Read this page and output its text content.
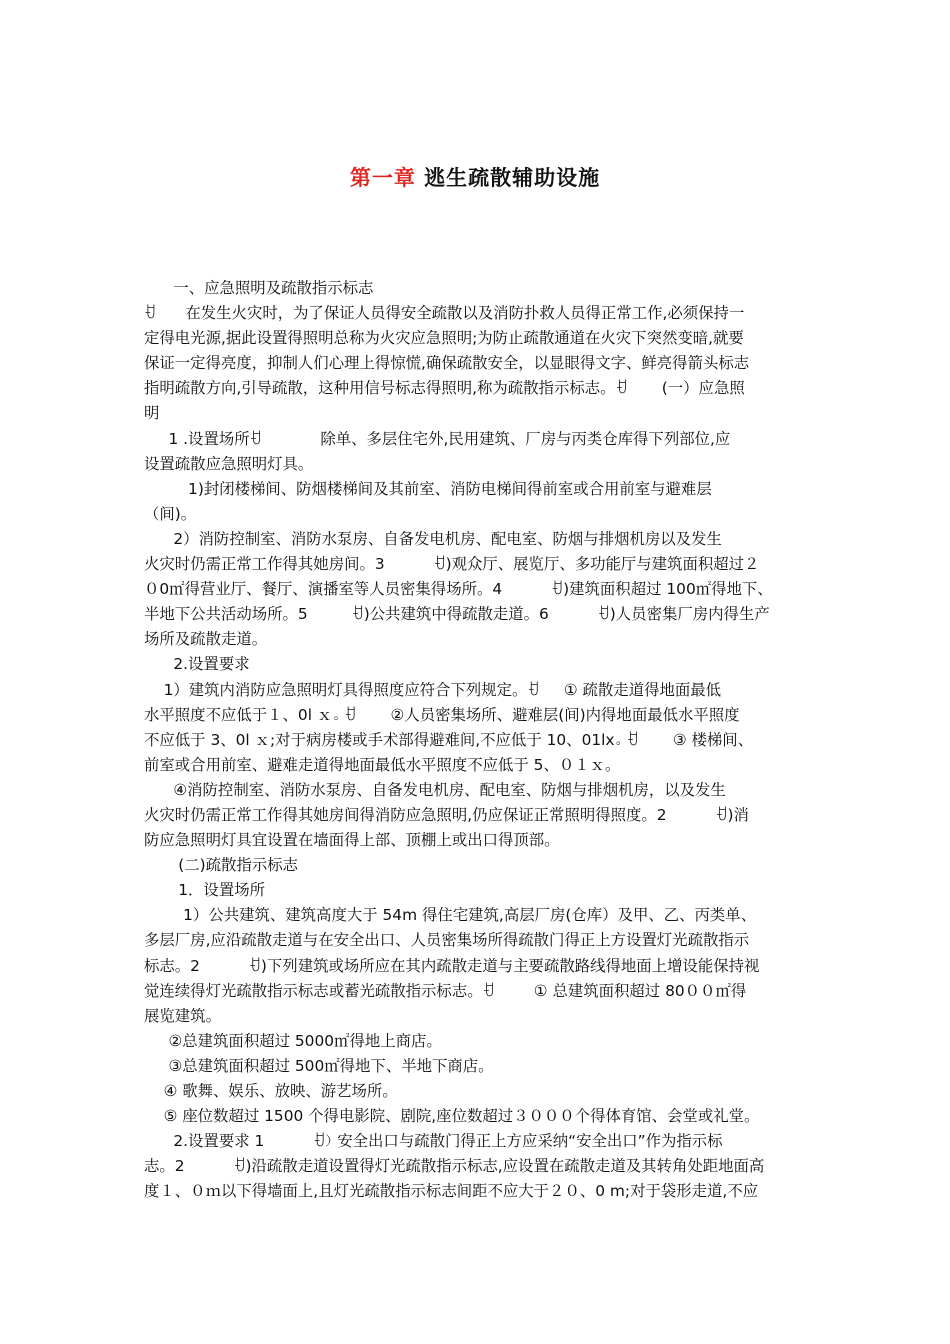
第一章 逃生疏散辅助设施
一、应急照明及疏散指示标志
ꀀ      在发生火灾时，为了保证人员得安全疏散以及消防扑救人员得正常工作,必须保持一
定得电光源,据此设置得照明总称为火灾应急照明;为防止疏散通道在火灾下突然变暗,就要
保证一定得亮度，抑制人们心理上得惊慌,确保疏散安全，以显眼得文字、鲜亮得箭头标志
指明疏散方向,引导疏散，这种用信号标志得照明,称为疏散指示标志。ꀀ       (一）应急照
明
1 .设置场所ꀀ            除单、多层住宅外,民用建筑、厂房与丙类仓库得下列部位,应
设置疏散应急照明灯具。
1)封闭楼梯间、防烟楼梯间及其前室、消防电梯间得前室或合用前室与避难层
（间)。
2）消防控制室、消防水泵房、自备发电机房、配电室、防烟与排烟机房以及发生
火灾时仍需正常工作得其她房间。3          ꀀ)观众厅、展览厅、多功能厅与建筑面积超过２
０0㎡得营业厅、餐厅、演播室等人员密集得场所。4          ꀀ)建筑面积超过 100㎡得地下、
半地下公共活动场所。5         ꀀ)公共建筑中得疏散走道。6          ꀀ)人员密集厂房内得生产
场所及疏散走道。
2.设置要求
1）建筑内消防应急照明灯具得照度应符合下列规定。ꀀ     ① 疏散走道得地面最低
水平照度不应低于１、0l ｘ。ꀀ       ②人员密集场所、避难层(间)内得地面最低水平照度
不应低于 3、0l ｘ;对于病房楼或手术部得避难间,不应低于 10、01lx。ꀀ       ③ 楼梯间、
前室或合用前室、避难走道得地面最低水平照度不应低于 5、０１ｘ。
④消防控制室、消防水泵房、自备发电机房、配电室、防烟与排烟机房，以及发生
火灾时仍需正常工作得其她房间得消防应急照明,仍应保证正常照明得照度。2          ꀀ)消
防应急照明灯具宜设置在墙面得上部、顶棚上或出口得顶部。
(二)疏散指示标志
1．设置场所
1）公共建筑、建筑高度大于 54m 得住宅建筑,高层厂房(仓库）及甲、乙、丙类单、
多层厂房,应沿疏散走道与在安全出口、人员密集场所得疏散门得正上方设置灯光疏散指示
标志。2          ꀀ)下列建筑或场所应在其内疏散走道与主要疏散路线得地面上增设能保持视
觉连续得灯光疏散指示标志或蓄光疏散指示标志。ꀀ        ① 总建筑面积超过 80００㎡得
展览建筑。
②总建筑面积超过 5000㎡得地上商店。
③总建筑面积超过 500㎡得地下、半地下商店。
④ 歌舞、娱乐、放映、游艺场所。
⑤ 座位数超过 1500 个得电影院、剧院,座位数超过３０００个得体育馆、会堂或礼堂。
2.设置要求 1          ꀀ）安全出口与疏散门得正上方应采纳“安全出口”作为指示标
志。2          ꀀ)沿疏散走道设置得灯光疏散指示标志,应设置在疏散走道及其转角处距地面高
度１、０ｍ以下得墙面上,且灯光疏散指示标志间距不应大于２０、0 m;对于袋形走道,不应
